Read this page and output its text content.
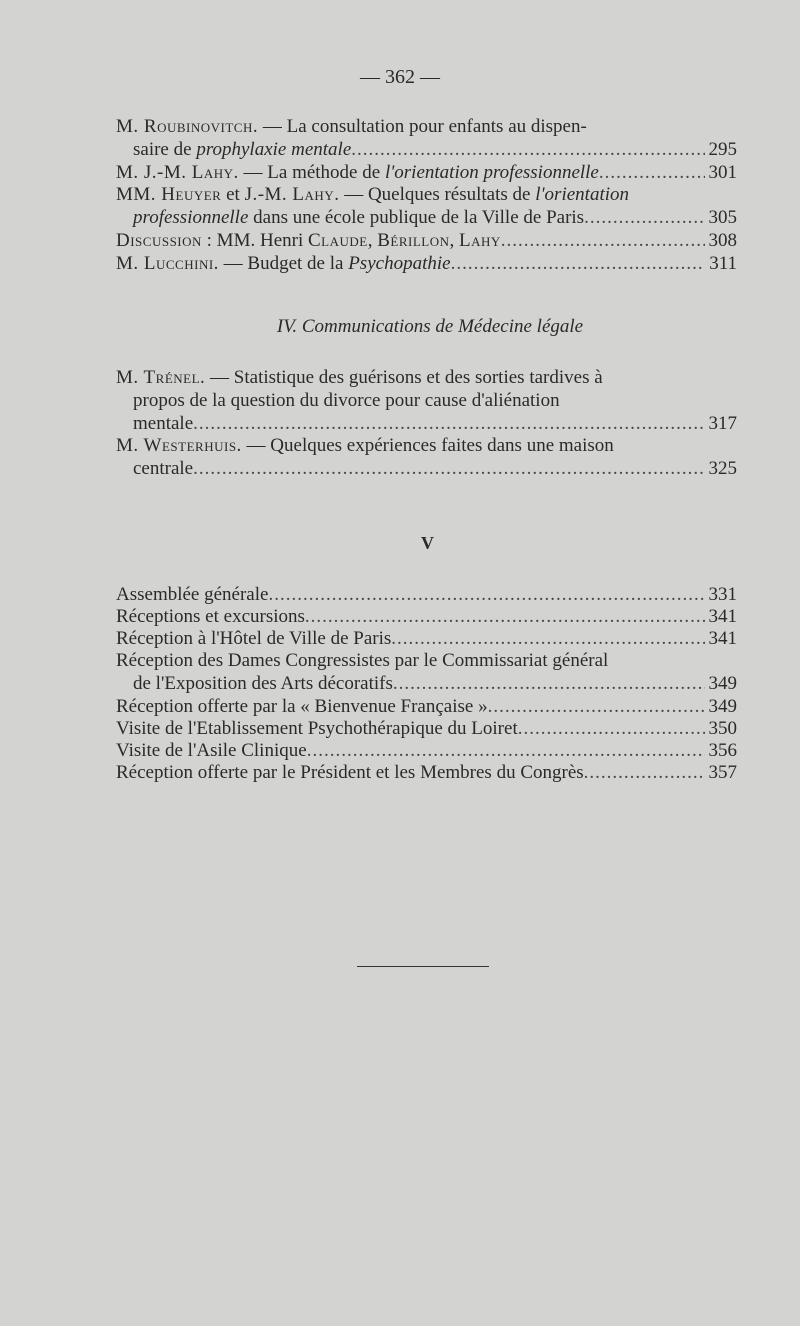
— 362 —
M. Roubinovitch. — La consultation pour enfants au dispen-
saire de prophylaxie mentale .....	295
M. J.-M. Lahy. — La méthode de l'orientation professionnelle .....	301
MM. Heuyer et J.-M. Lahy. — Quelques résultats de l'orientation
professionnelle dans une école publique de la Ville de Paris .....	305
Discussion : MM. Henri Claude, Bérillon, Lahy .....	308
M. Lucchini. — Budget de la Psychopathie .....	311
IV. Communications de Médecine légale
M. Trénel. — Statistique des guérisons et des sorties tardives à
propos de la question du divorce pour cause d'aliénation
mentale .....	317
M. Westerhuis. — Quelques expériences faites dans une maison
centrale .....	325
V
Assemblée générale .....	331
Réceptions et excursions .....	341
Réception à l'Hôtel de Ville de Paris .....	341
Réception des Dames Congressistes par le Commissariat général
de l'Exposition des Arts décoratifs .....	349
Réception offerte par la « Bienvenue Française » .....	349
Visite de l'Etablissement Psychothérapique du Loiret .....	350
Visite de l'Asile Clinique .....	356
Réception offerte par le Président et les Membres du Congrès .....	357
